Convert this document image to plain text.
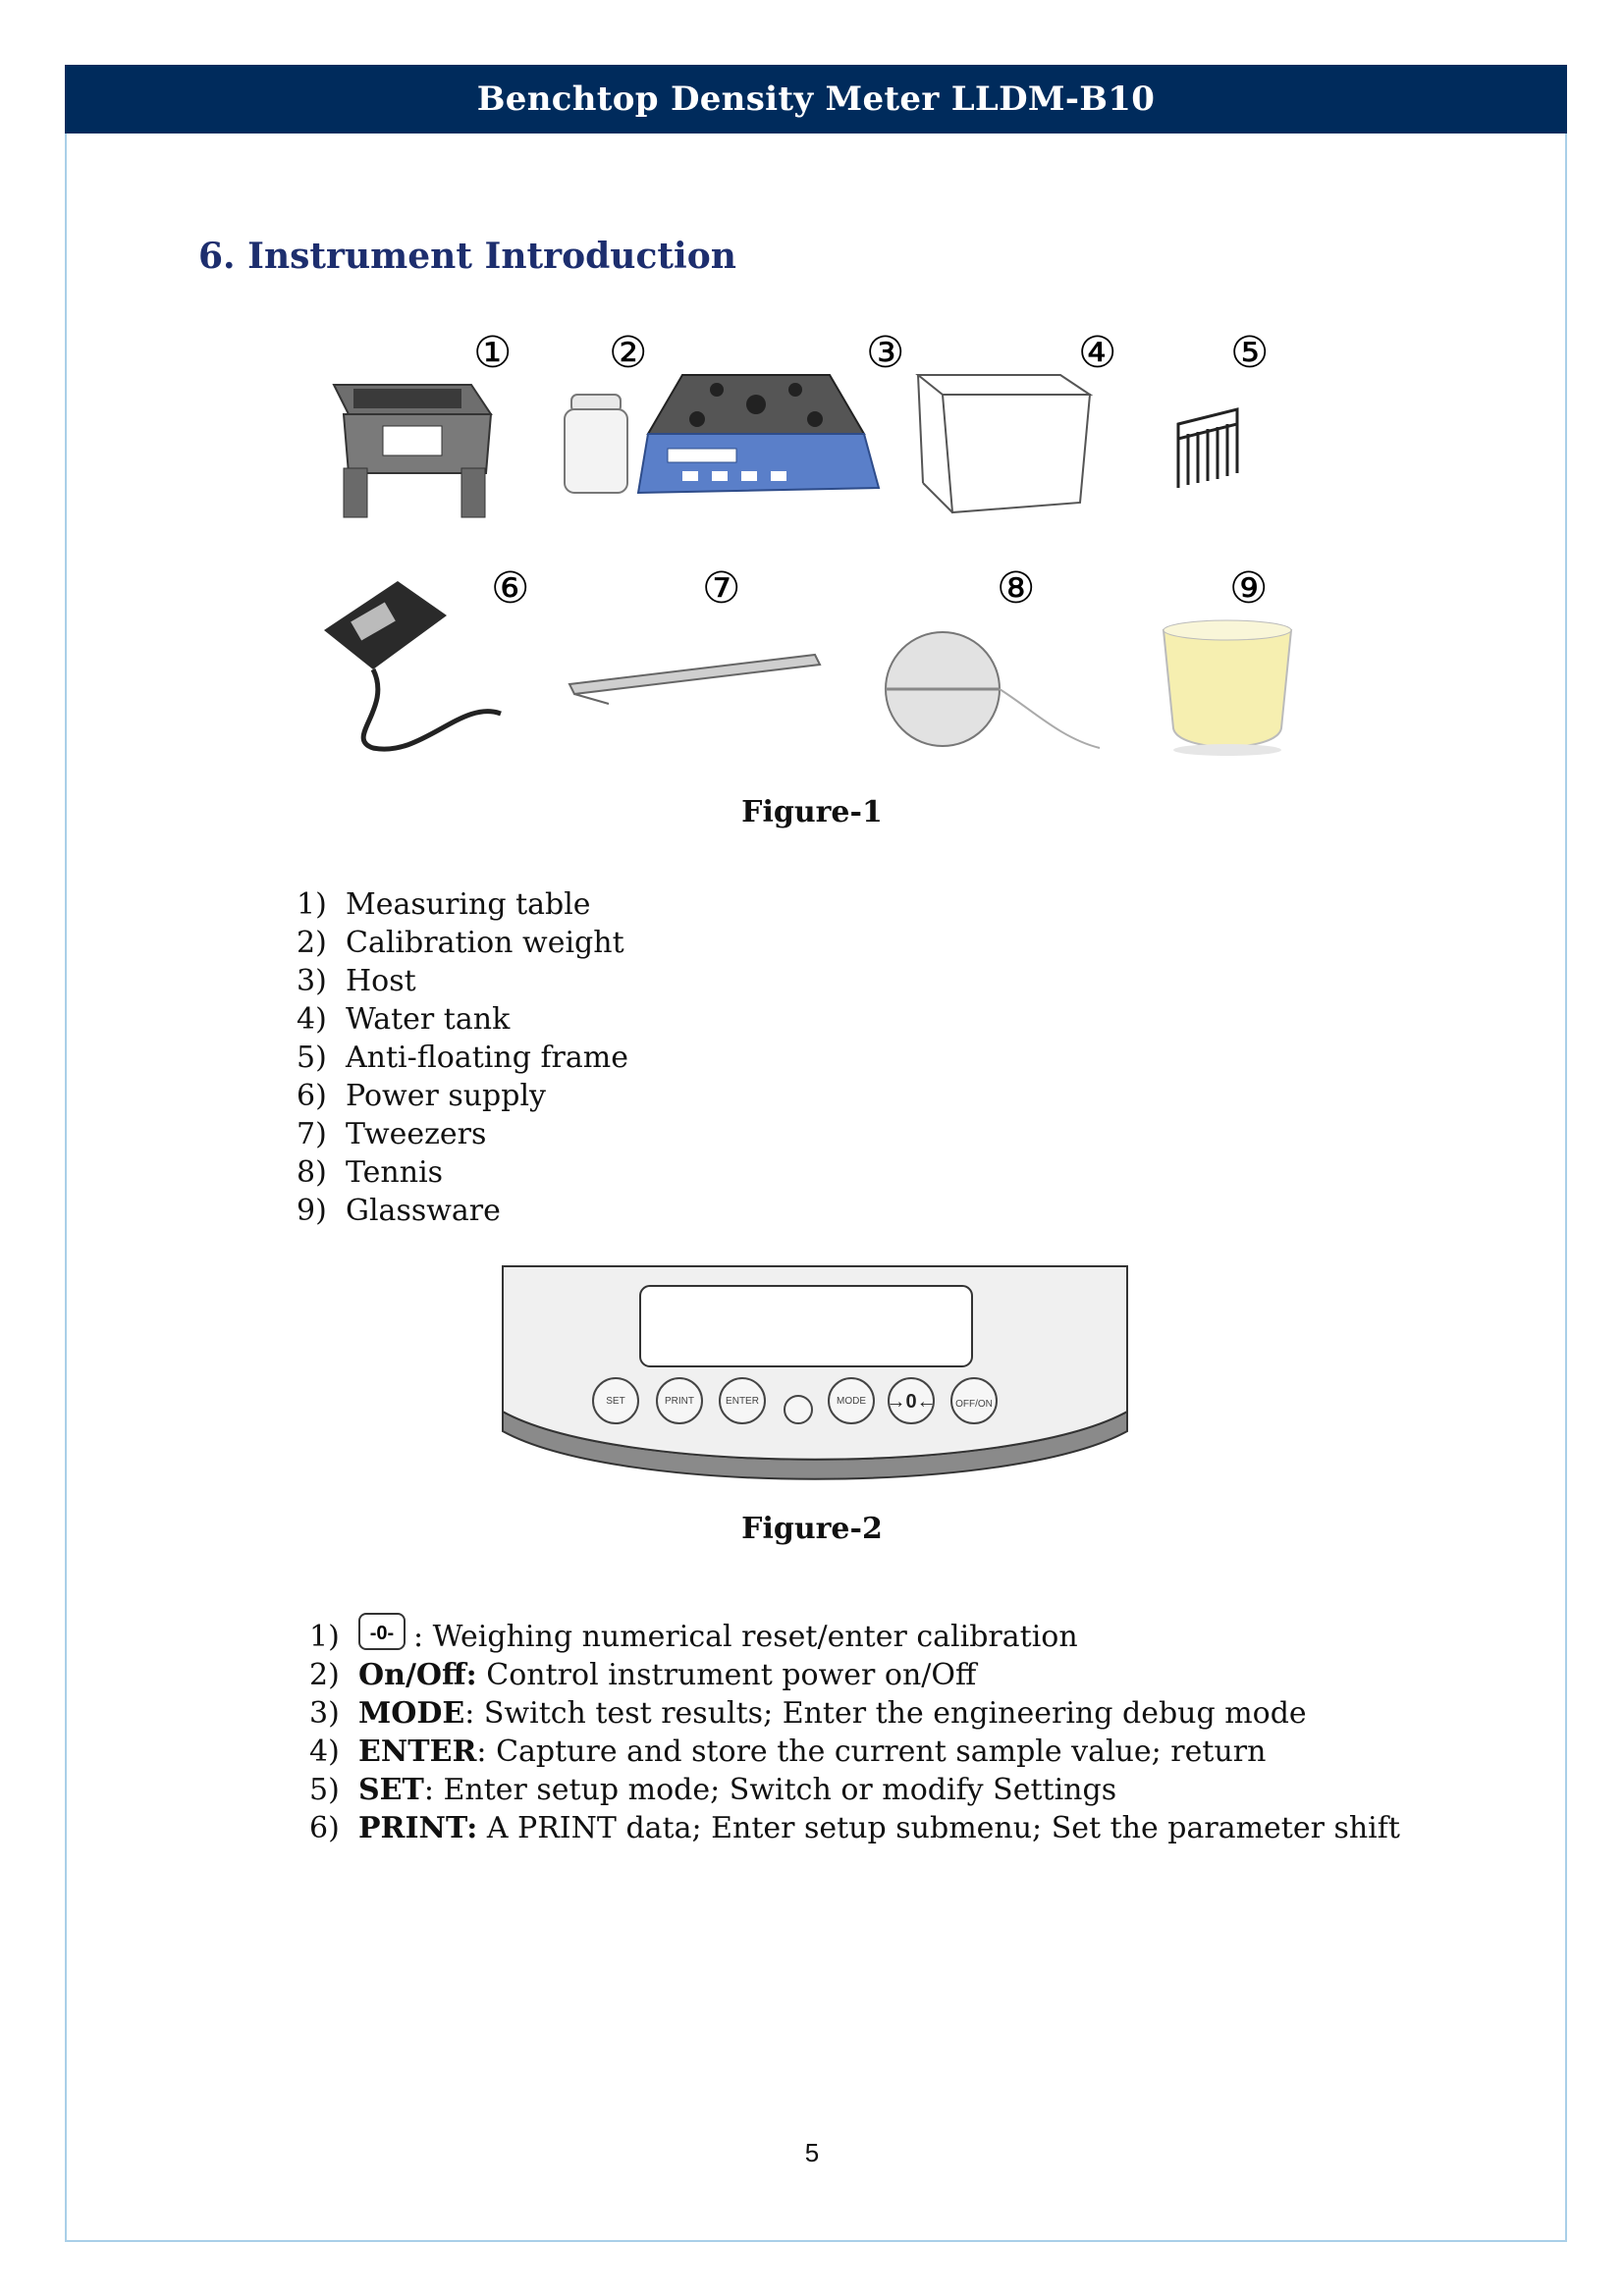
Benchtop Density Meter LLDM-B10
6. Instrument Introduction
① ②	③	④	⑤
⑥	⑦	⑧	⑨
Figure-1
1) Measuring table
2) Calibration weight
3) Host
4) Water tank
5) Anti-floating frame
6) Power supply
7) Tweezers
8) Tennis
9) Glassware
SET	PRINT	ENTER	MODE →0← OFF/ON
Figure-2
1)	-0- : Weighing numerical reset/enter calibration
2) On/Off: Control instrument power on/Off
3) MODE : Switch test results; Enter the engineering debug mode
4) ENTER : Capture and store the current sample value; return
5) SET : Enter setup mode; Switch or modify Settings
6) PRINT: A PRINT data; Enter setup submenu; Set the parameter shift
5
